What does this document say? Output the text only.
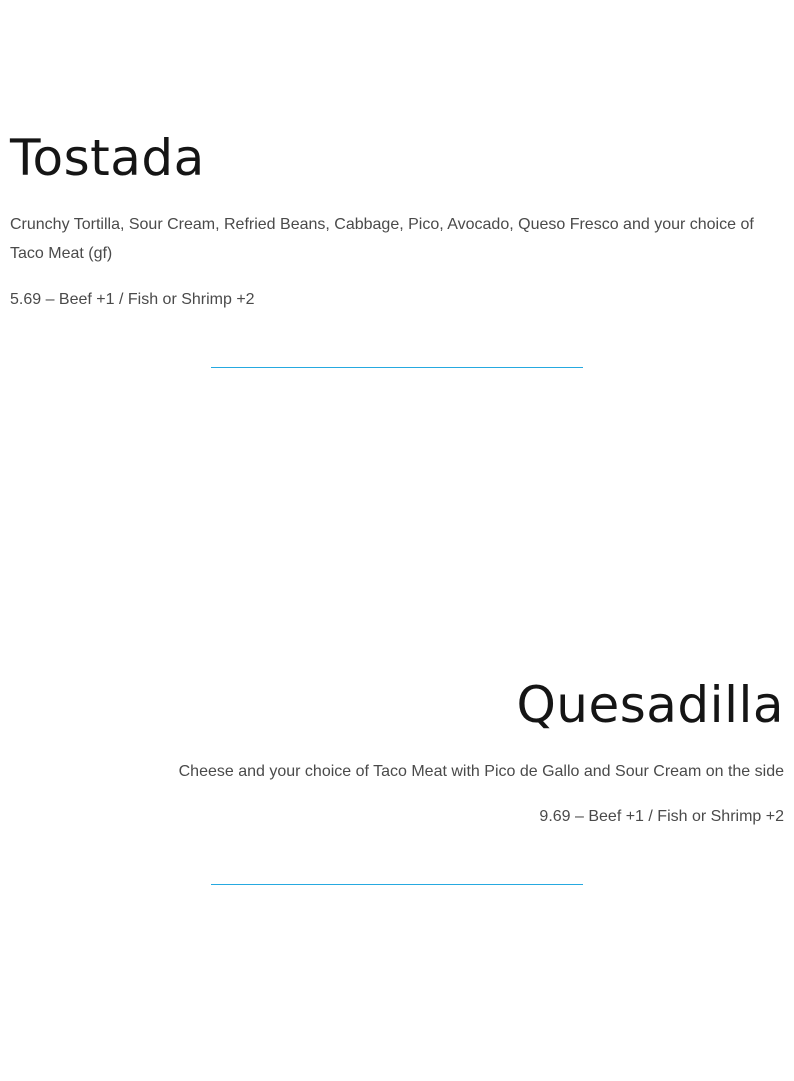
Tostada

Crunchy Tortilla, Sour Cream, Refried Beans, Cabbage, Pico, Avocado, Queso Fresco and your choice of Taco Meat (gf)

5.69 – Beef +1 / Fish or Shrimp +2

Quesadilla

Cheese and your choice of Taco Meat with Pico de Gallo and Sour Cream on the side

9.69 – Beef +1 / Fish or Shrimp +2
